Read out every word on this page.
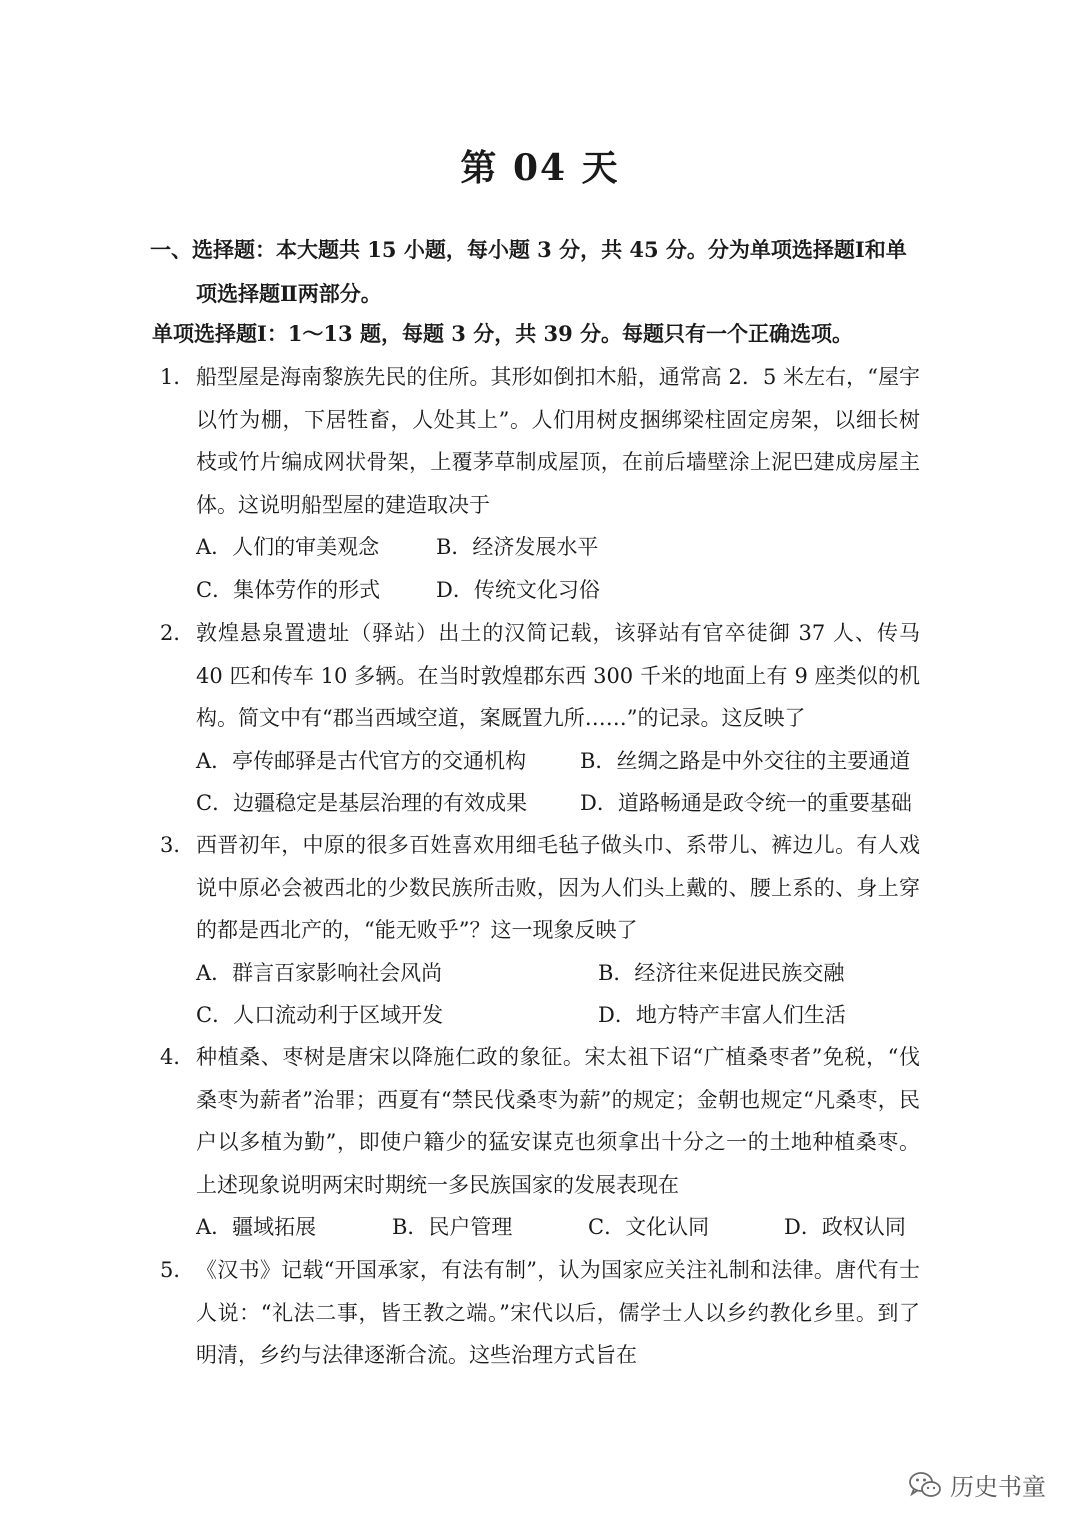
第 04 天
一、选择题：本大题共 15 小题，每小题 3 分，共 45 分。分为单项选择题Ⅰ和单
项选择题Ⅱ两部分。
单项选择题Ⅰ：1～13 题，每题 3 分，共 39 分。每题只有一个正确选项。
1． 船型屋是海南黎族先民的住所。其形如倒扣木船，通常高 2．5 米左右，“屋宇以竹为棚，下居牲畜，人处其上”。人们用树皮捆绑梁柱固定房架，以细长树枝或竹片编成网状骨架，上覆茅草制成屋顶，在前后墙壁涂上泥巴建成房屋主体。这说明船型屋的建造取决于
A．人们的审美观念	B．经济发展水平
C．集体劳作的形式	D．传统文化习俗
2． 敦煌悬泉置遗址（驿站）出土的汉简记载，该驿站有官卒徒御 37 人、传马 40 匹和传车 10 多辆。在当时敦煌郡东西 300 千米的地面上有 9 座类似的机构。简文中有“郡当西域空道，案厩置九所……”的记录。这反映了
A．亭传邮驿是古代官方的交通机构	B．丝绸之路是中外交往的主要通道
C．边疆稳定是基层治理的有效成果	D．道路畅通是政令统一的重要基础
3． 西晋初年，中原的很多百姓喜欢用细毛毡子做头巾、系带儿、裤边儿。有人戏说中原必会被西北的少数民族所击败，因为人们头上戴的、腰上系的、身上穿的都是西北产的，“能无败乎”？这一现象反映了
A．群言百家影响社会风尚	B．经济往来促进民族交融
C．人口流动利于区域开发	D．地方特产丰富人们生活
4． 种植桑、枣树是唐宋以降施仁政的象征。宋太祖下诏“广植桑枣者”免税，“伐桑枣为薪者”治罪；西夏有“禁民伐桑枣为薪”的规定；金朝也规定“凡桑枣，民户以多植为勤”，即使户籍少的猛安谋克也须拿出十分之一的土地种植桑枣。上述现象说明两宋时期统一多民族国家的发展表现在
A．疆域拓展	B．民户管理	C．文化认同	D．政权认同
5． 《汉书》记载“开国承家，有法有制”，认为国家应关注礼制和法律。唐代有士人说：“礼法二事，皆王教之端。”宋代以后，儒学士人以乡约教化乡里。到了明清，乡约与法律逐渐合流。这些治理方式旨在
历史书童
